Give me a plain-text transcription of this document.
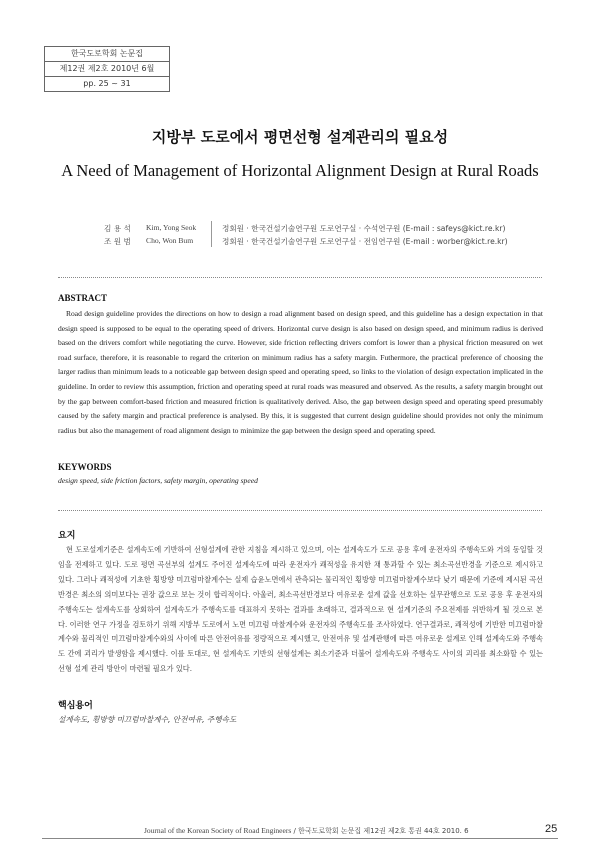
한국도로학회 논문집
제12권 제2호 2010년 6월
pp. 25 ~ 31
지방부 도로에서 평면선형 설계관리의 필요성
A Need of Management of Horizontal Alignment Design at Rural Roads
김 용 석 Kim, Yong Seok	정회원 · 한국건설기술연구원 도로연구실 · 수석연구원 (E-mail : safeys@kict.re.kr)
조 원 범 Cho, Won Bum	정회원 · 한국건설기술연구원 도로연구실 · 전임연구원 (E-mail : worber@kict.re.kr)
ABSTRACT

Road design guideline provides the directions on how to design a road alignment based on design speed, and this guideline has a design expectation in that design speed is supposed to be equal to the operating speed of drivers. Horizontal curve design is also based on design speed, and minimum radius is derived based on the drivers comfort while negotiating the curve. However, side friction reflecting drivers comfort is lower than a physical friction measured on wet road surface, therefore, it is reasonable to regard the criterion on minimum radius has a safety margin. Futhermore, the practical preference of choosing the larger radius than minimum leads to a noticeable gap between design speed and operating speed, so links to the violation of design expectation implicated in the guideline. In order to review this assumption, friction and operating speed at rural roads was measured and observed. As the results, a safety margin brought out by the gap between comfort-based friction and measured friction is qualitatively derived. Also, the gap between design speed and operating speed presumably caused by the safety margin and practical preference is analysed. By this, it is suggested that current design guideline should provides not only the minimum radius but also the management of road alignment design to minimize the gap between the design speed and operating speed.

KEYWORDS

design speed, side friction factors, safety margin, operating speed

요지

현 도로설계기준은 설계속도에 기반하여 선형설계에 관한 지침을 제시하고 있으며, 이는 설계속도가 도로 공용 후에 운전자의 주행속도와 거의 동일할 것임을 전제하고 있다. 도로 평면 곡선부의 설계도 주어진 설계속도에 따라 운전자가 쾌적성을 유지한 채 통과할 수 있는 최소곡선반경을 기준으로 제시하고 있다. 그러나 쾌적성에 기초한 횡방향 미끄럼마찰계수는 실제 습윤노면에서 관측되는 물리적인 횡방향 미끄럼마찰계수보다 낮기 때문에 기준에 제시된 곡선반경은 최소의 의미보다는 권장 값으로 보는 것이 합리적이다. 아울러, 최소곡선반경보다 여유로운 설계 값을 선호하는 실무관행으로 도로 공용 후 운전자의 주행속도는 설계속도를 상회하여 설계속도가 주행속도를 대표하지 못하는 결과를 초래하고, 결과적으로 현 설계기준의 주요전제를 위반하게 될 것으로 본다. 이러한 연구 가정을 검토하기 위해 지방부 도로에서 노면 미끄럼 마찰계수와 운전자의 주행속도를 조사하였다. 연구결과로, 쾌적성에 기반한 미끄럼마찰계수와 물리적인 미끄럼마찰계수와의 사이에 따른 안전여유를 정량적으로 제시했고, 안전여유 및 설계관행에 따른 여유로운 설계로 인해 설계속도와 주행속도 간에 괴리가 발생함을 제시했다. 이를 토대로, 현 설계속도 기반의 선형설계는 최소기준과 더불어 설계속도와 주행속도 사이의 괴리를 최소화할 수 있는 선형 설계 관리 방안이 마련될 필요가 있다.

핵심용어

설계속도, 횡방향 미끄럼마찰계수, 안전여유, 주행속도

Journal of the Korean Society of Road Engineers / 한국도로학회 논문집 제12권 제2호 통권 44호 2010. 6	25
